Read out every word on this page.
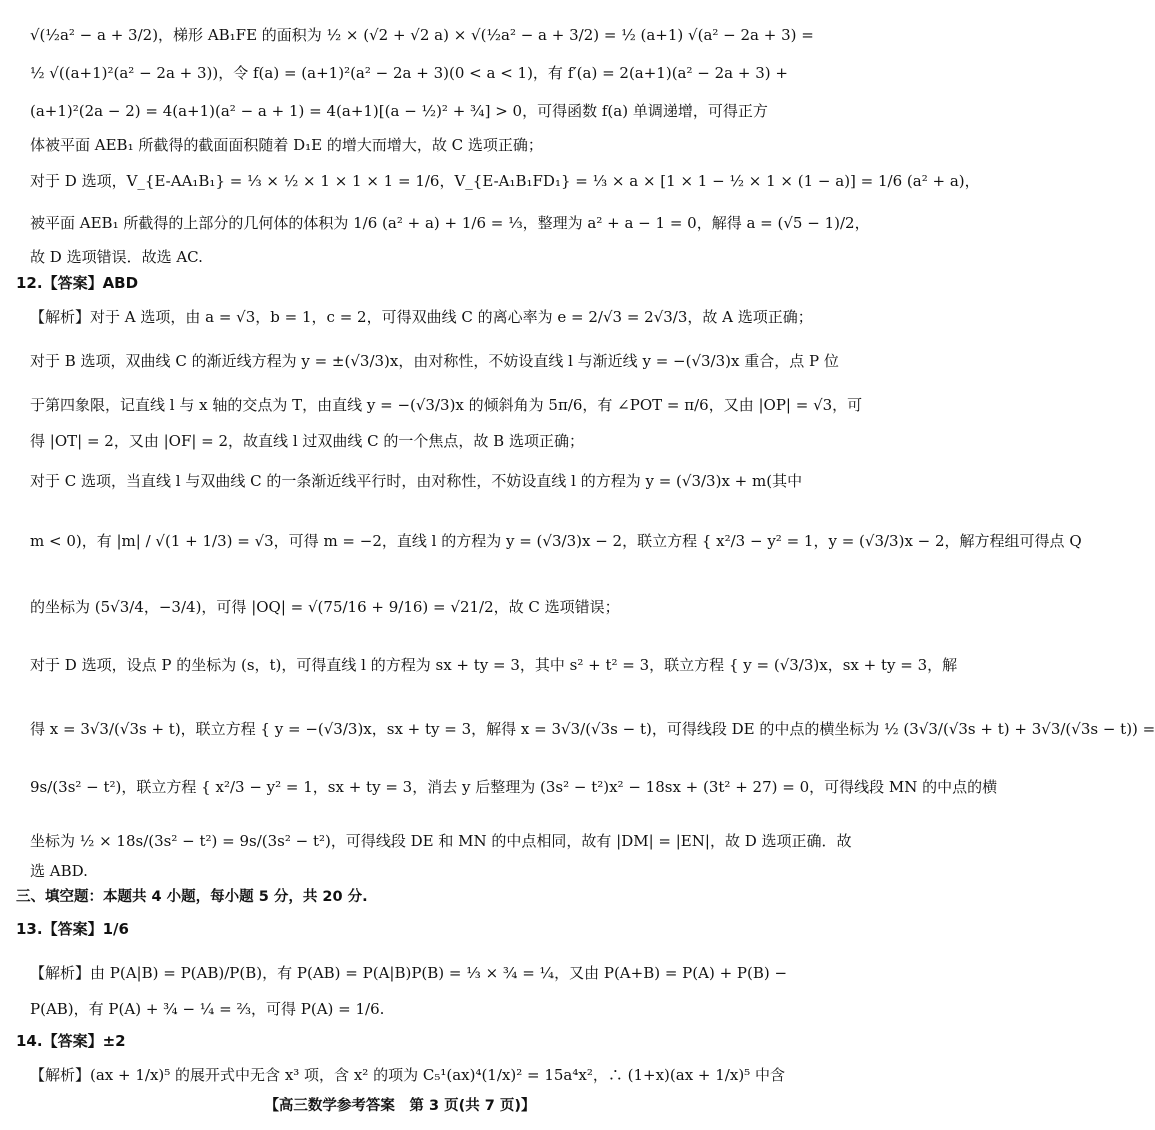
√(½a² − a + 3/2)，梯形 AB₁FE 的面积为 ½ × (√2 + √2 a) × √(½a² − a + 3/2) = ½ (a+1) √(a² − 2a + 3) =
½ √((a+1)²(a² − 2a + 3))，令 f(a) = (a+1)²(a² − 2a + 3)(0 < a < 1)，有 f′(a) = 2(a+1)(a² − 2a + 3) +
(a+1)²(2a − 2) = 4(a+1)(a² − a + 1) = 4(a+1)[(a − ½)² + ¾] > 0，可得函数 f(a) 单调递增，可得正方
体被平面 AEB₁ 所截得的截面面积随着 D₁E 的增大而增大，故 C 选项正确；
对于 D 选项，V_{E-AA₁B₁} = ⅓ × ½ × 1 × 1 × 1 = 1/6，V_{E-A₁B₁FD₁} = ⅓ × a × [1 × 1 − ½ × 1 × (1 − a)] = 1/6 (a² + a)，
被平面 AEB₁ 所截得的上部分的几何体的体积为 1/6 (a² + a) + 1/6 = ⅓，整理为 a² + a − 1 = 0，解得 a = (√5 − 1)/2，
故 D 选项错误．故选 AC.
12.【答案】ABD
【解析】对于 A 选项，由 a = √3，b = 1，c = 2，可得双曲线 C 的离心率为 e = 2/√3 = 2√3/3，故 A 选项正确；
对于 B 选项，双曲线 C 的渐近线方程为 y = ±(√3/3)x，由对称性，不妨设直线 l 与渐近线 y = −(√3/3)x 重合，点 P 位
于第四象限，记直线 l 与 x 轴的交点为 T，由直线 y = −(√3/3)x 的倾斜角为 5π/6，有 ∠POT = π/6，又由 |OP| = √3，可
得 |OT| = 2，又由 |OF| = 2，故直线 l 过双曲线 C 的一个焦点，故 B 选项正确；
对于 C 选项，当直线 l 与双曲线 C 的一条渐近线平行时，由对称性，不妨设直线 l 的方程为 y = (√3/3)x + m(其中
m < 0)，有 |m| / √(1 + 1/3) = √3，可得 m = −2，直线 l 的方程为 y = (√3/3)x − 2，联立方程 { x²/3 − y² = 1，y = (√3/3)x − 2，解方程组可得点 Q
的坐标为 (5√3/4，−3/4)，可得 |OQ| = √(75/16 + 9/16) = √21/2，故 C 选项错误；
对于 D 选项，设点 P 的坐标为 (s，t)，可得直线 l 的方程为 sx + ty = 3，其中 s² + t² = 3，联立方程 { y = (√3/3)x，sx + ty = 3，解
得 x = 3√3/(√3s + t)，联立方程 { y = −(√3/3)x，sx + ty = 3，解得 x = 3√3/(√3s − t)，可得线段 DE 的中点的横坐标为 ½ (3√3/(√3s + t) + 3√3/(√3s − t)) =
9s/(3s² − t²)，联立方程 { x²/3 − y² = 1，sx + ty = 3，消去 y 后整理为 (3s² − t²)x² − 18sx + (3t² + 27) = 0，可得线段 MN 的中点的横
坐标为 ½ × 18s/(3s² − t²) = 9s/(3s² − t²)，可得线段 DE 和 MN 的中点相同，故有 |DM| = |EN|，故 D 选项正确．故
选 ABD.
三、填空题：本题共 4 小题，每小题 5 分，共 20 分.
13.【答案】1/6
【解析】由 P(A|B) = P(AB)/P(B)，有 P(AB) = P(A|B)P(B) = ⅓ × ¾ = ¼，又由 P(A+B) = P(A) + P(B) −
P(AB)，有 P(A) + ¾ − ¼ = ⅔，可得 P(A) = 1/6.
14.【答案】±2
【解析】(ax + 1/x)⁵ 的展开式中无含 x³ 项，含 x² 的项为 C₅¹(ax)⁴(1/x)² = 15a⁴x²，∴ (1+x)(ax + 1/x)⁵ 中含
【高三数学参考答案　第 3 页(共 7 页)】
